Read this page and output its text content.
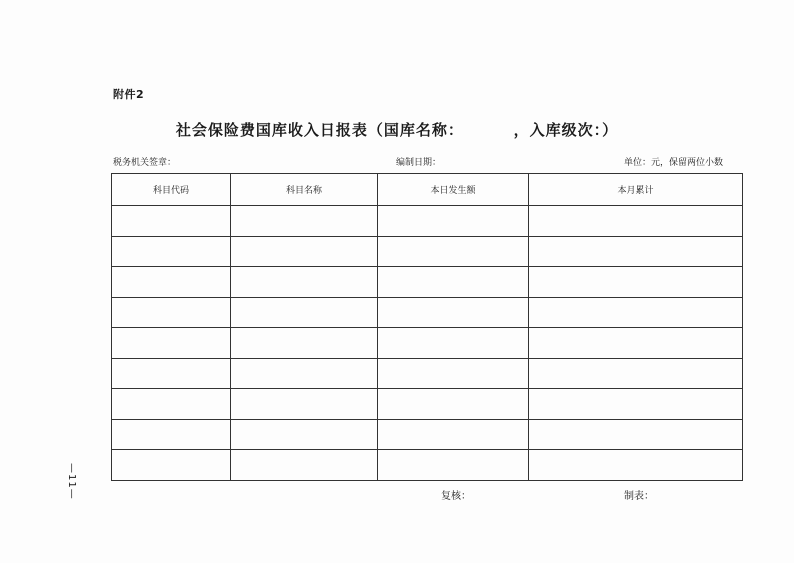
附件2
社会保险费国库收入日报表（国库名称：        ，入库级次：）
税务机关签章：	编制日期：	单位：元，保留两位小数
科目代码	科目名称	本日发生额	本月累计

—11—	复核：	制表：
